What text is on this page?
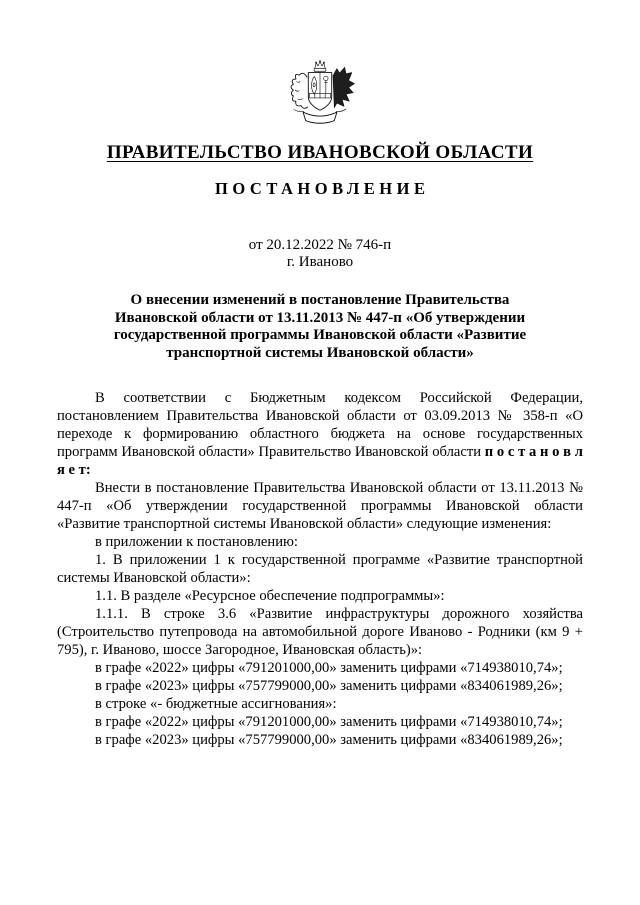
ПРАВИТЕЛЬСТВО ИВАНОВСКОЙ ОБЛАСТИ
ПОСТАНОВЛЕНИЕ
от 20.12.2022 № 746-п
г. Иваново
О внесении изменений в постановление Правительства Ивановской области от 13.11.2013 № 447-п «Об утверждении государственной программы Ивановской области «Развитие транспортной системы Ивановской области»

В соответствии с Бюджетным кодексом Российской Федерации, постановлением Правительства Ивановской области от 03.09.2013 № 358-п «О переходе к формированию областного бюджета на основе государственных программ Ивановской области» Правительство Ивановской области п о с т а н о в л я е т:

Внести в постановление Правительства Ивановской области от 13.11.2013 № 447-п «Об утверждении государственной программы Ивановской области «Развитие транспортной системы Ивановской области» следующие изменения:

в приложении к постановлению:

1. В приложении 1 к государственной программе «Развитие транспортной системы Ивановской области»:

1.1. В разделе «Ресурсное обеспечение подпрограммы»:

1.1.1. В строке 3.6 «Развитие инфраструктуры дорожного хозяйства (Строительство путепровода на автомобильной дороге Иваново - Родники (км 9 + 795), г. Иваново, шоссе Загородное, Ивановская область)»:

в графе «2022» цифры «791201000,00» заменить цифрами «714938010,74»;

в графе «2023» цифры «757799000,00» заменить цифрами «834061989,26»;

в строке «- бюджетные ассигнования»:

в графе «2022» цифры «791201000,00» заменить цифрами «714938010,74»;

в графе «2023» цифры «757799000,00» заменить цифрами «834061989,26»;
